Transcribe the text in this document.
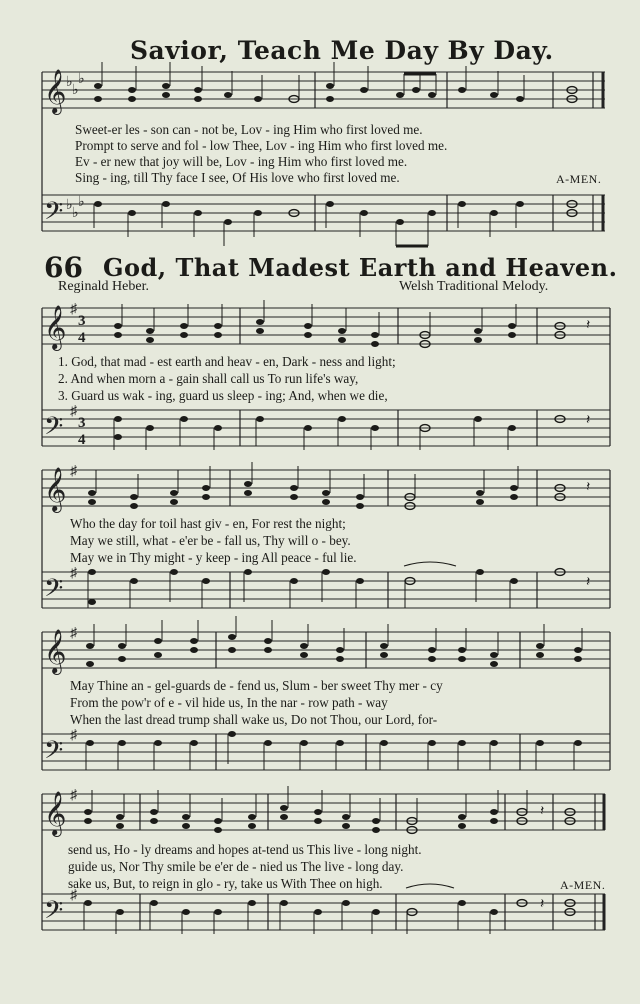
Savior, Teach Me Day By Day.
𝄞
𝄢
♭
♭
♭
♭
♭
♭
Sweet-er les - son can - not be, Lov - ing Him who first loved me.
Prompt to serve and fol - low Thee, Lov - ing Him who first loved me.
Ev - er new that joy will be, Lov - ing Him who first loved me.
Sing - ing, till Thy face I see, Of His love who first loved me.	A-MEN.
66 God, That Madest Earth and Heaven.
Reginald Heber.	Welsh Traditional Melody.
𝄞
𝄢
♯
♯
3
4
3
4
𝄽
𝄽
1. God, that mad - est earth and heav - en, Dark - ness and light;
2. And when morn a - gain shall call us To run life's way,
3. Guard us wak - ing, guard us sleep - ing; And, when we die,
𝄞
𝄢
♯
♯
𝄽
𝄽
Who the day for toil hast giv - en, For rest the night;
May we still, what - e'er be - fall us, Thy will o - bey.
May we in Thy might - y keep - ing All peace - ful lie.
𝄞
𝄢
♯
♯
May Thine an - gel-guards de - fend us, Slum - ber sweet Thy mer - cy
From the pow'r of e - vil hide us, In the nar - row path - way
When the last dread trump shall wake us, Do not Thou, our Lord, for-
𝄞
𝄢
♯
♯
𝄽
𝄽
send us, Ho - ly dreams and hopes at-tend us This live - long night.
guide us, Nor Thy smile be e'er de - nied us The live - long day.
sake us, But, to reign in glo - ry, take us With Thee on high.	A-MEN.
